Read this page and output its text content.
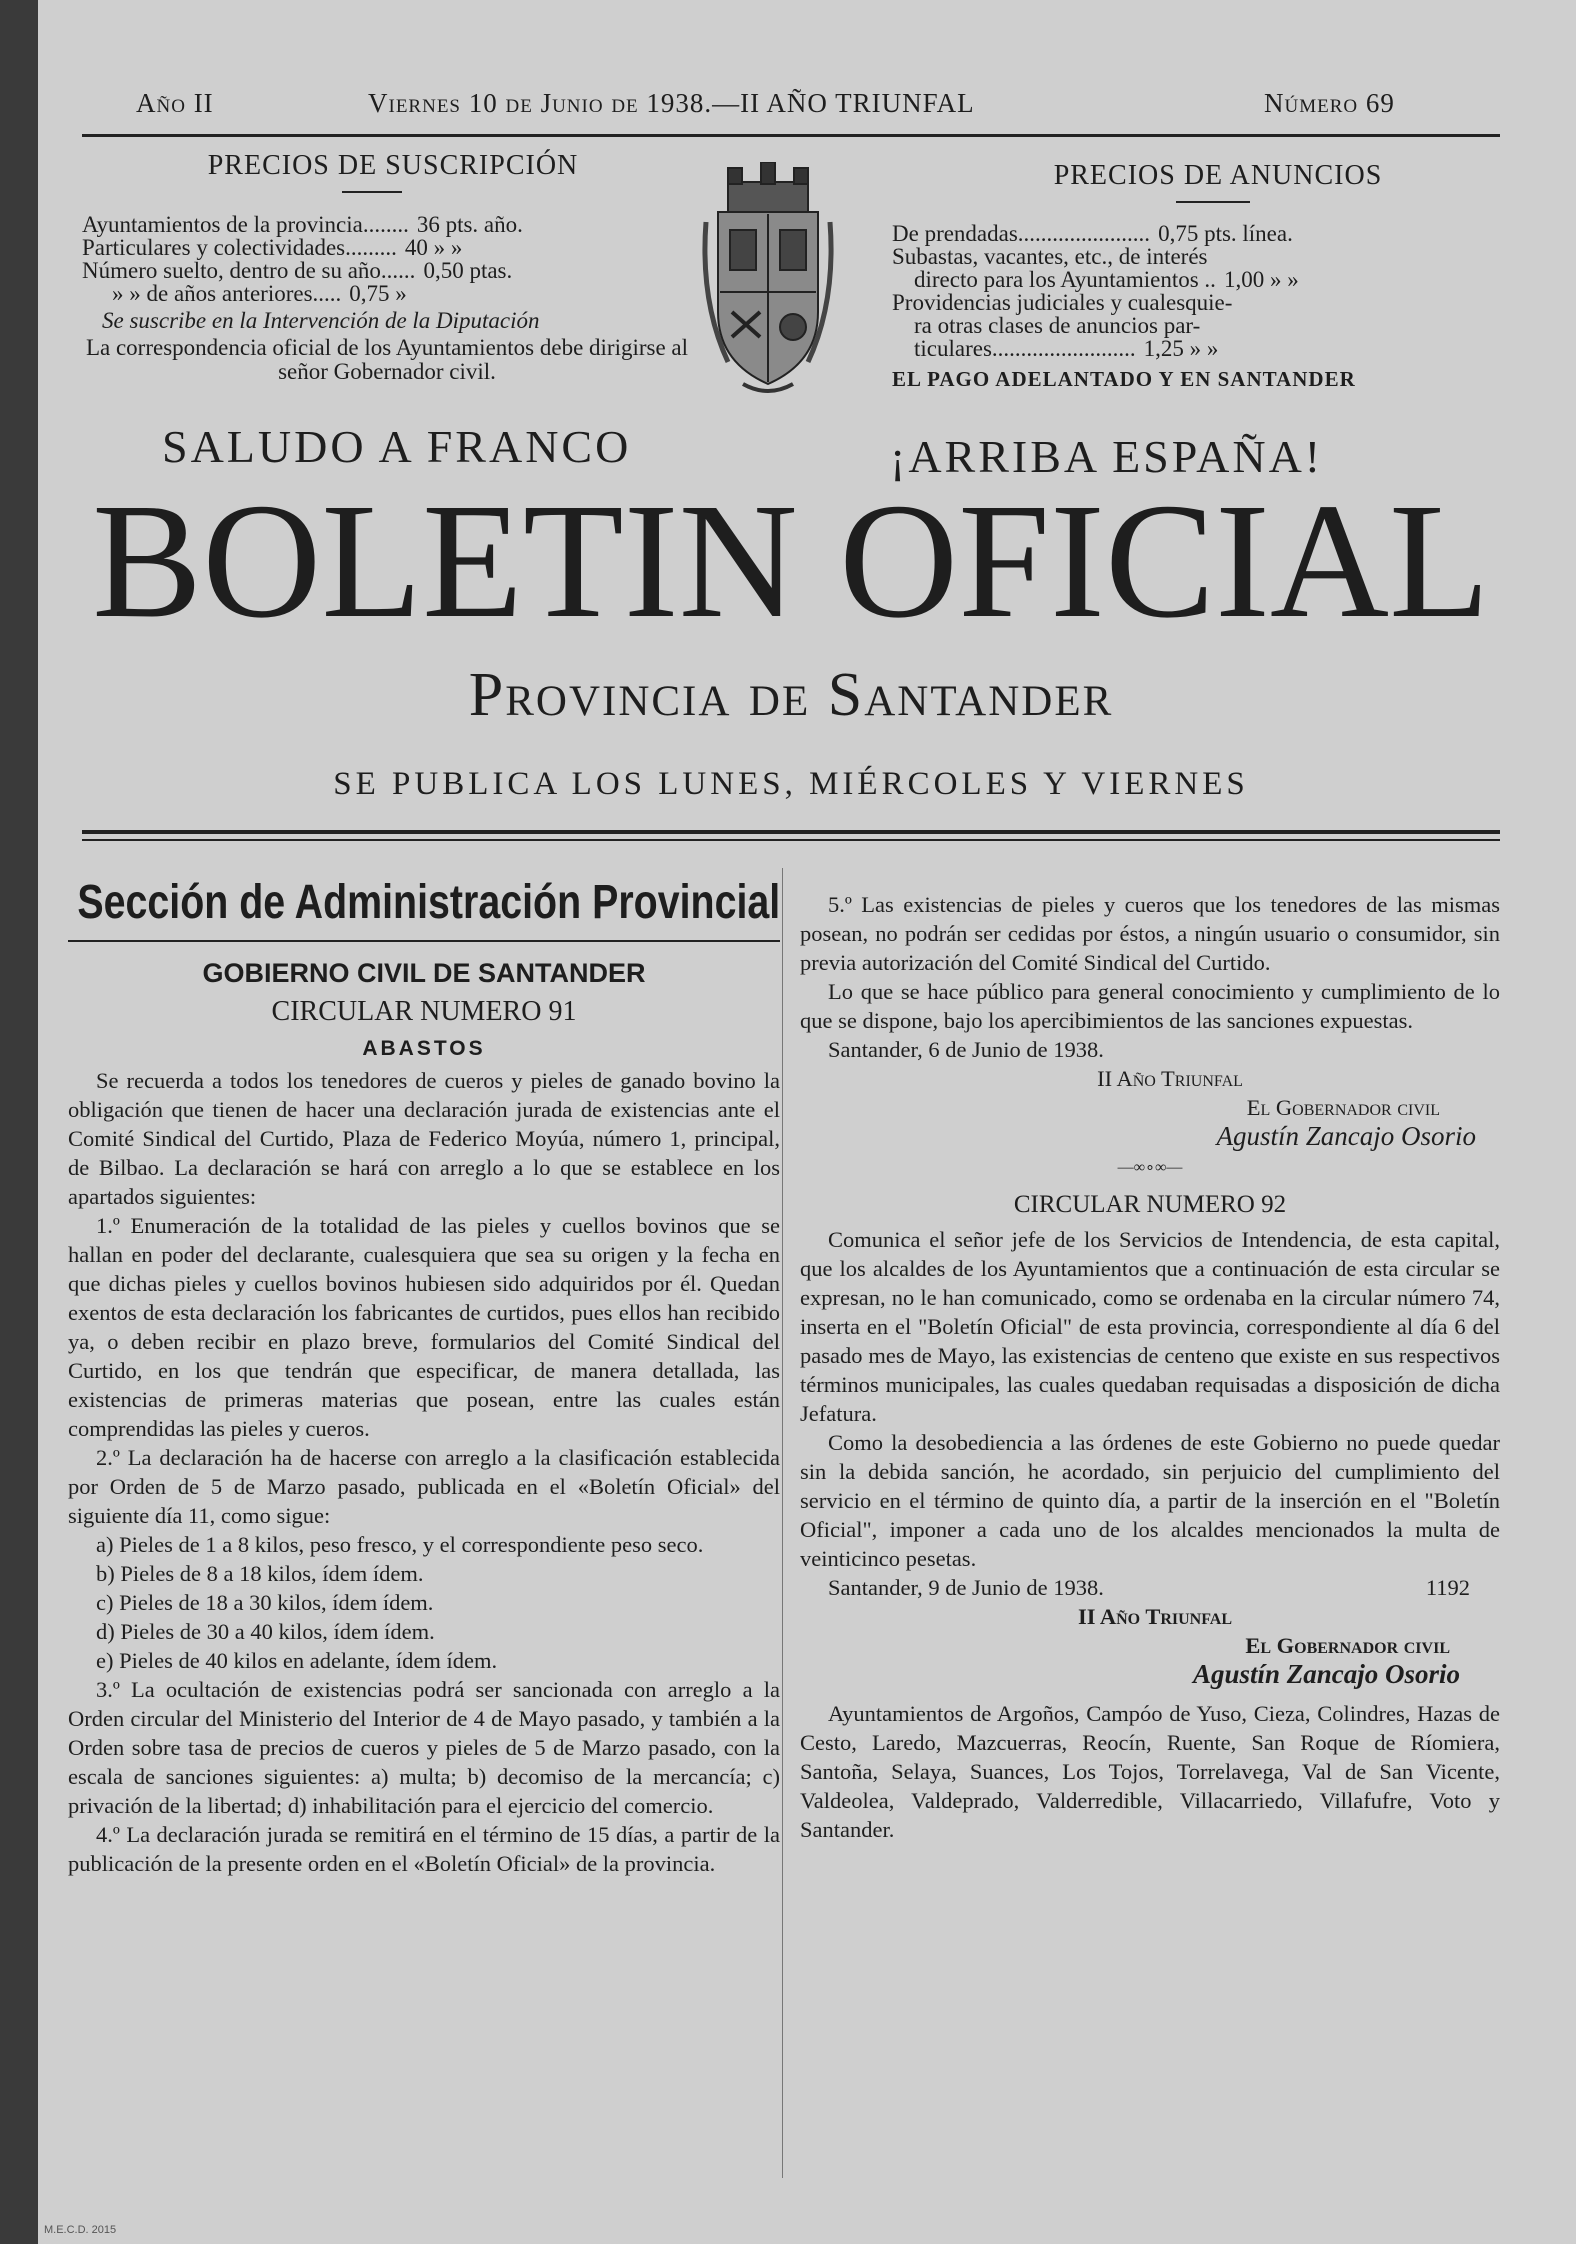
Año II	Viernes 10 de Junio de 1938.—II AÑO TRIUNFAL	Número 69
PRECIOS DE SUSCRIPCIÓN
Ayuntamientos de la provincia........ 36 pts. año.
Particulares y colectividades......... 40 » »
Número suelto, dentro de su año...... 0,50 ptas.
» » de años anteriores..... 0,75 »
Se suscribe en la Intervención de la Diputación
La correspondencia oficial de los Ayuntamientos debe dirigirse al señor Gobernador civil.
PRECIOS DE ANUNCIOS
De prendadas....................... 0,75 pts. línea.
Subastas, vacantes, etc., de interés
directo para los Ayuntamientos .. 1,00 » »
Providencias judiciales y cualesquie-
ra otras clases de anuncios par-
ticulares......................... 1,25 » »
EL PAGO ADELANTADO Y EN SANTANDER
SALUDO A FRANCO	¡ARRIBA ESPAÑA!
BOLETIN OFICIAL
Provincia de Santander
SE PUBLICA LOS LUNES, MIÉRCOLES Y VIERNES
Sección de Administración Provincial
GOBIERNO CIVIL DE SANTANDER
CIRCULAR NUMERO 91
ABASTOS

Se recuerda a todos los tenedores de cueros y pieles de ganado bovino la obligación que tienen de hacer una declaración jurada de existencias ante el Comité Sindical del Curtido, Plaza de Federico Moyúa, número 1, principal, de Bilbao. La declaración se hará con arreglo a lo que se establece en los apartados siguientes:

1.º Enumeración de la totalidad de las pieles y cuellos bovinos que se hallan en poder del declarante, cualesquiera que sea su origen y la fecha en que dichas pieles y cuellos bovinos hubiesen sido adquiridos por él. Quedan exentos de esta declaración los fabricantes de curtidos, pues ellos han recibido ya, o deben recibir en plazo breve, formularios del Comité Sindical del Curtido, en los que tendrán que especificar, de manera detallada, las existencias de primeras materias que posean, entre las cuales están comprendidas las pieles y cueros.

2.º La declaración ha de hacerse con arreglo a la clasificación establecida por Orden de 5 de Marzo pasado, publicada en el «Boletín Oficial» del siguiente día 11, como sigue:

a) Pieles de 1 a 8 kilos, peso fresco, y el correspondiente peso seco.

b) Pieles de 8 a 18 kilos, ídem ídem.

c) Pieles de 18 a 30 kilos, ídem ídem.

d) Pieles de 30 a 40 kilos, ídem ídem.

e) Pieles de 40 kilos en adelante, ídem ídem.

3.º La ocultación de existencias podrá ser sancionada con arreglo a la Orden circular del Ministerio del Interior de 4 de Mayo pasado, y también a la Orden sobre tasa de precios de cueros y pieles de 5 de Marzo pasado, con la escala de sanciones siguientes: a) multa; b) decomiso de la mercancía; c) privación de la libertad; d) inhabilitación para el ejercicio del comercio.

4.º La declaración jurada se remitirá en el término de 15 días, a partir de la publicación de la presente orden en el «Boletín Oficial» de la provincia.

5.º Las existencias de pieles y cueros que los tenedores de las mismas posean, no podrán ser cedidas por éstos, a ningún usuario o consumidor, sin previa autorización del Comité Sindical del Curtido.

Lo que se hace público para general conocimiento y cumplimiento de lo que se dispone, bajo los apercibimientos de las sanciones expuestas.

Santander, 6 de Junio de 1938.

II Año Triunfal
El Gobernador civil
Agustín Zancajo Osorio
—∞∘∞—
CIRCULAR NUMERO 92

Comunica el señor jefe de los Servicios de Intendencia, de esta capital, que los alcaldes de los Ayuntamientos que a continuación de esta circular se expresan, no le han comunicado, como se ordenaba en la circular número 74, inserta en el "Boletín Oficial" de esta provincia, correspondiente al día 6 del pasado mes de Mayo, las existencias de centeno que existe en sus respectivos términos municipales, las cuales quedaban requisadas a disposición de dicha Jefatura.

Como la desobediencia a las órdenes de este Gobierno no puede quedar sin la debida sanción, he acordado, sin perjuicio del cumplimiento del servicio en el término de quinto día, a partir de la inserción en el "Boletín Oficial", imponer a cada uno de los alcaldes mencionados la multa de veinticinco pesetas.

Santander, 9 de Junio de 1938.	1192
II Año Triunfal
El Gobernador civil
Agustín Zancajo Osorio

Ayuntamientos de Argoños, Campóo de Yuso, Cieza, Colindres, Hazas de Cesto, Laredo, Mazcuerras, Reocín, Ruente, San Roque de Ríomiera, Santoña, Selaya, Suances, Los Tojos, Torrelavega, Val de San Vicente, Valdeolea, Valdeprado, Valderredible, Villacarriedo, Villafufre, Voto y Santander.

M.E.C.D. 2015
